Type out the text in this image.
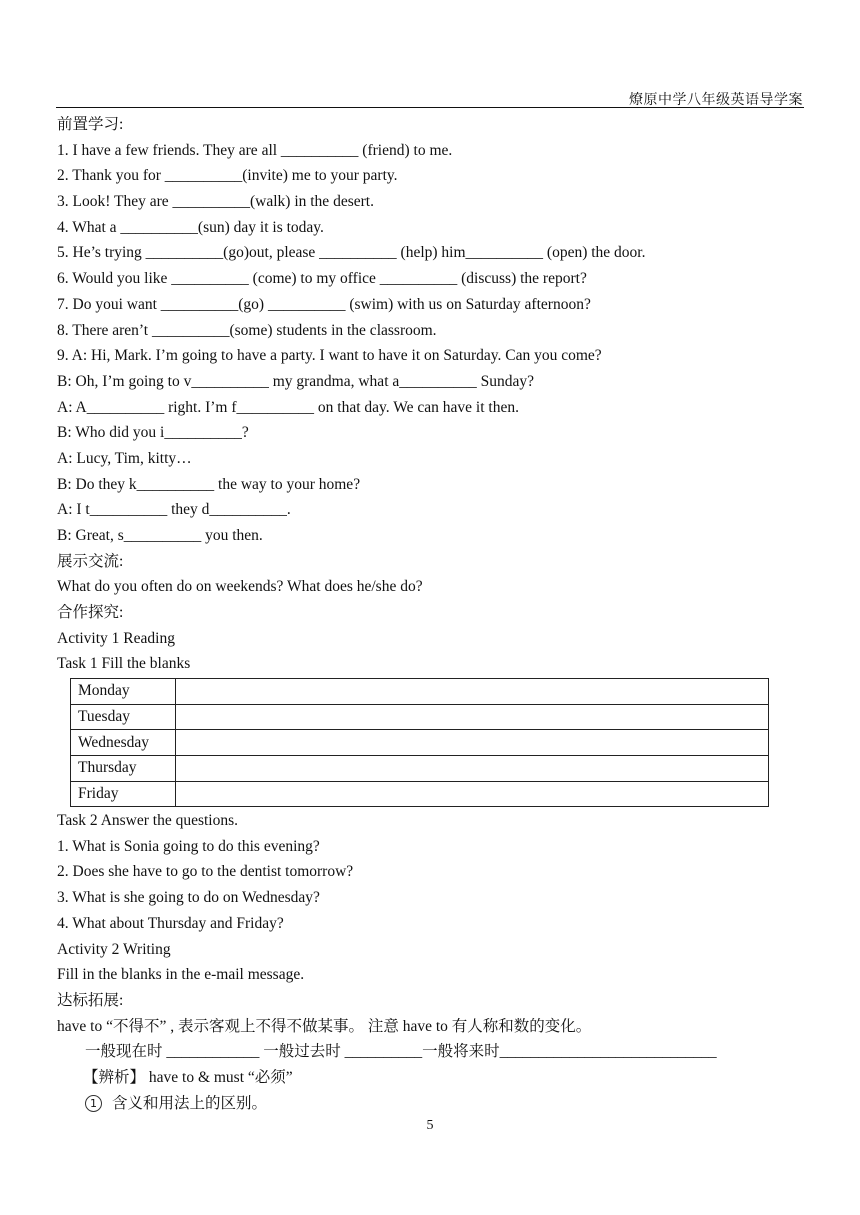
燎原中学八年级英语导学案
前置学习:
1. I have a few friends. They are all __________ (friend) to me.
2. Thank you for __________(invite) me to your party.
3. Look! They are __________(walk) in the desert.
4. What a __________(sun) day it is today.
5. He’s trying __________(go)out, please __________ (help) him__________ (open) the door.
6. Would you like __________ (come) to my office __________ (discuss) the report?
7. Do youi want __________(go) __________ (swim) with us on Saturday afternoon?
8. There aren’t __________(some) students in the classroom.
9. A: Hi, Mark. I’m going to have a party. I want to have it on Saturday. Can you come?
B: Oh, I’m going to v__________ my grandma, what a__________ Sunday?
A: A__________ right. I’m f__________ on that day. We can have it then.
B: Who did you i__________?
A: Lucy, Tim, kitty…
B: Do they k__________ the way to your home?
A: I t__________ they d__________.
B: Great, s__________ you then.
展示交流:
What do you often do on weekends? What does he/she do?
合作探究:
Activity 1 Reading
Task 1 Fill the blanks
Monday	
Tuesday	
Wednesday	
Thursday	
Friday	
Task 2 Answer the questions.
1. What is Sonia going to do this evening?
2. Does she have to go to the dentist tomorrow?
3. What is she going to do on Wednesday?
4. What about Thursday and Friday?
Activity 2 Writing
Fill in the blanks in the e-mail message.
达标拓展:
have to “不得不” , 表示客观上不得不做某事。 注意 have to 有人称和数的变化。
一般现在时 ____________ 一般过去时 __________一般将来时____________________________
【辨析】 have to & must “必须”
1 含义和用法上的区别。
5
